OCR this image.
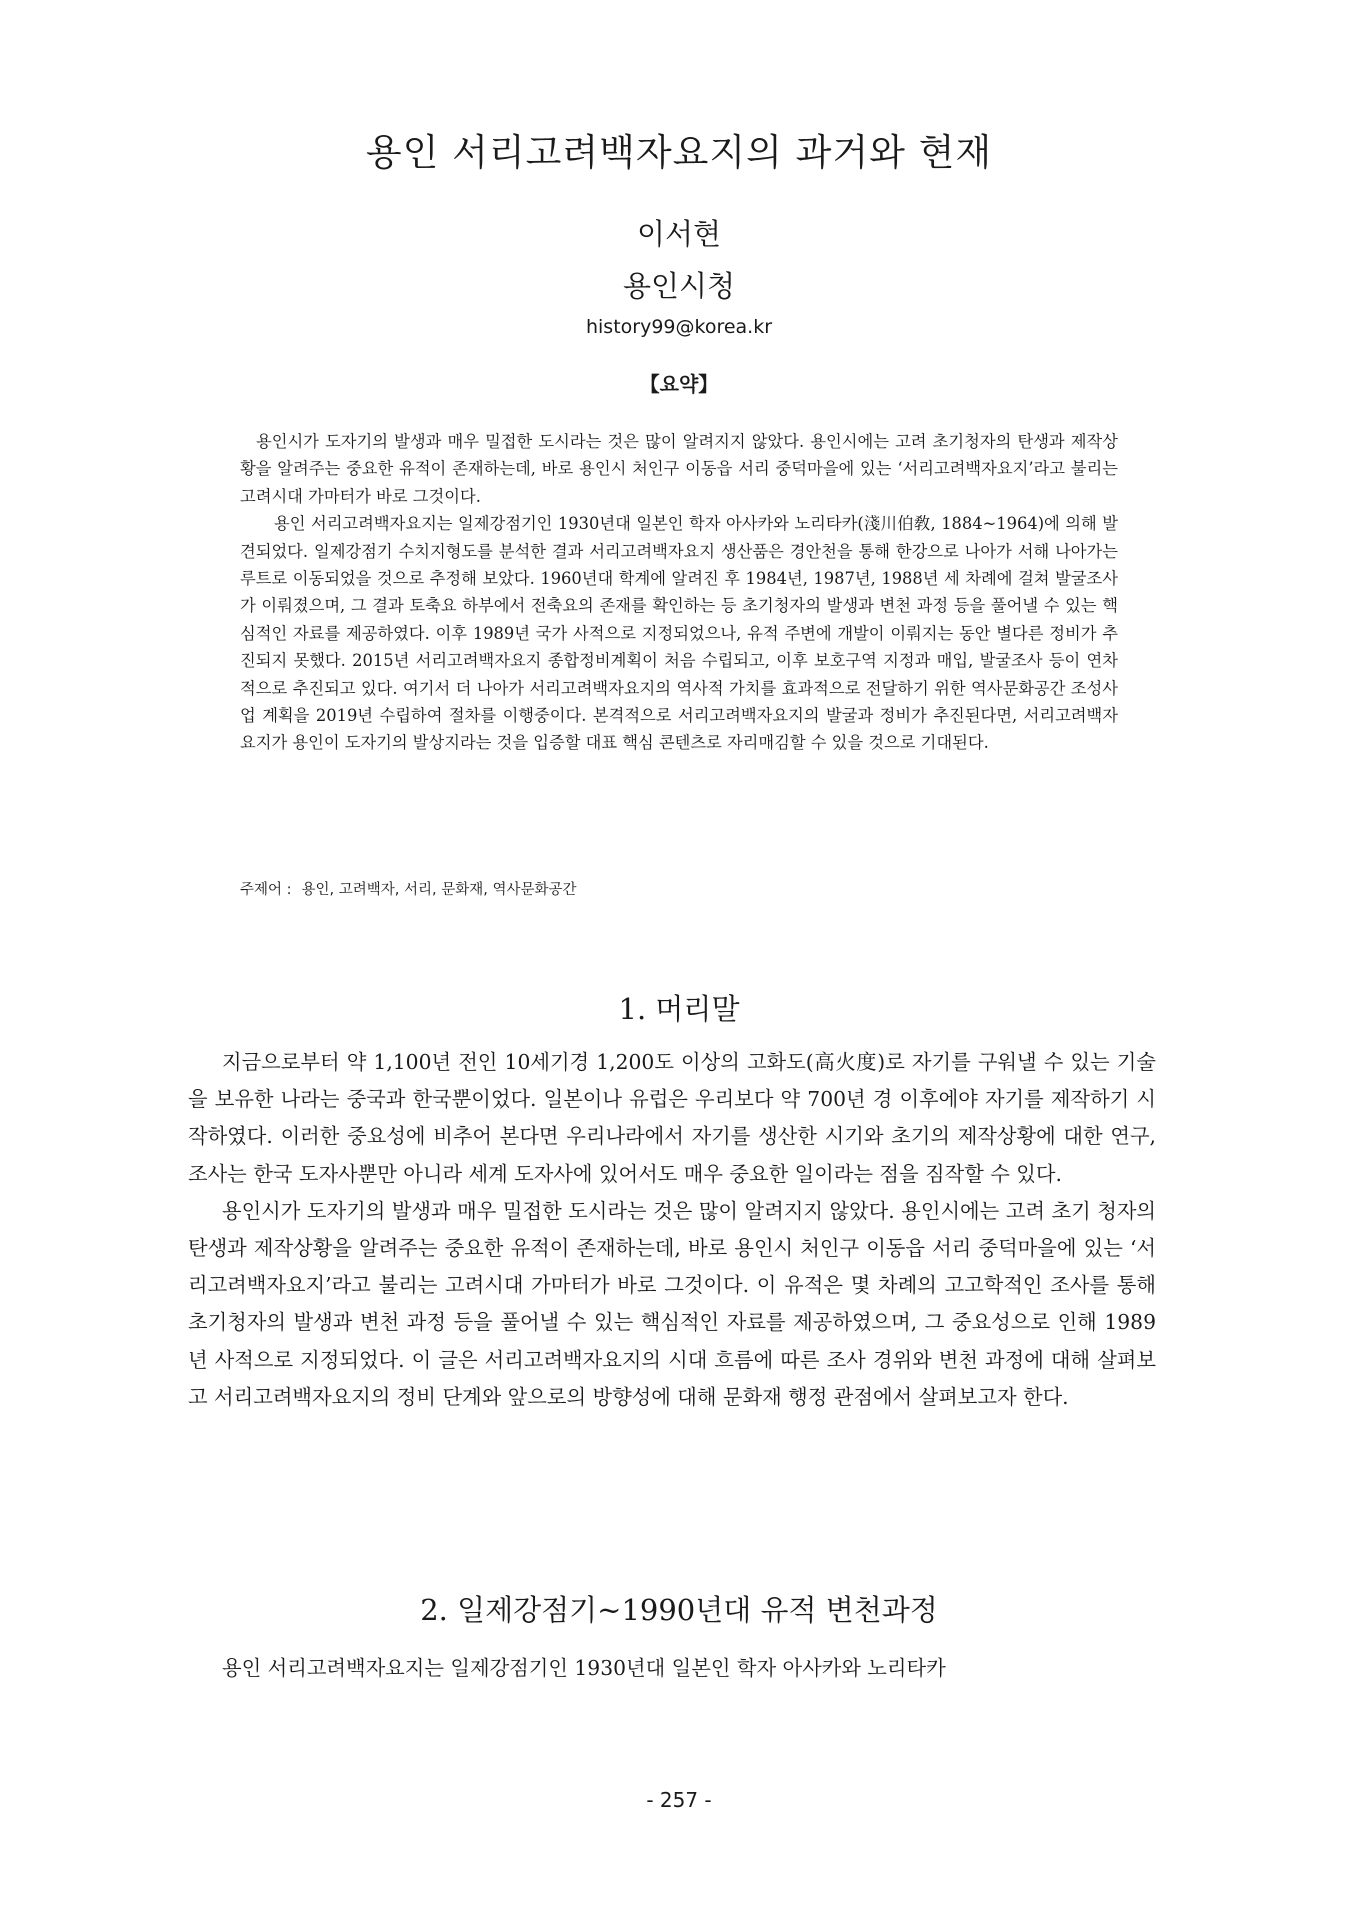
용인 서리고려백자요지의 과거와 현재
이서현
용인시청
history99@korea.kr
【요약】

용인시가 도자기의 발생과 매우 밀접한 도시라는 것은 많이 알려지지 않았다. 용인시에는 고려 초기청자의 탄생과 제작상황을 알려주는 중요한 유적이 존재하는데, 바로 용인시 처인구 이동읍 서리 중덕마을에 있는 ‘서리고려백자요지’라고 불리는 고려시대 가마터가 바로 그것이다.

용인 서리고려백자요지는 일제강점기인 1930년대 일본인 학자 아사카와 노리타카(淺川伯敎, 1884~1964)에 의해 발견되었다. 일제강점기 수치지형도를 분석한 결과 서리고려백자요지 생산품은 경안천을 통해 한강으로 나아가 서해 나아가는 루트로 이동되었을 것으로 추정해 보았다. 1960년대 학계에 알려진 후 1984년, 1987년, 1988년 세 차례에 걸쳐 발굴조사가 이뤄졌으며, 그 결과 토축요 하부에서 전축요의 존재를 확인하는 등 초기청자의 발생과 변천 과정 등을 풀어낼 수 있는 핵심적인 자료를 제공하였다. 이후 1989년 국가 사적으로 지정되었으나, 유적 주변에 개발이 이뤄지는 동안 별다른 정비가 추진되지 못했다. 2015년 서리고려백자요지 종합정비계획이 처음 수립되고, 이후 보호구역 지정과 매입, 발굴조사 등이 연차적으로 추진되고 있다. 여기서 더 나아가 서리고려백자요지의 역사적 가치를 효과적으로 전달하기 위한 역사문화공간 조성사업 계획을 2019년 수립하여 절차를 이행중이다. 본격적으로 서리고려백자요지의 발굴과 정비가 추진된다면, 서리고려백자요지가 용인이 도자기의 발상지라는 것을 입증할 대표 핵심 콘텐츠로 자리매김할 수 있을 것으로 기대된다.

주제어 : 용인, 고려백자, 서리, 문화재, 역사문화공간
1. 머리말

지금으로부터 약 1,100년 전인 10세기경 1,200도 이상의 고화도(高火度)로 자기를 구워낼 수 있는 기술을 보유한 나라는 중국과 한국뿐이었다. 일본이나 유럽은 우리보다 약 700년 경 이후에야 자기를 제작하기 시작하였다. 이러한 중요성에 비추어 본다면 우리나라에서 자기를 생산한 시기와 초기의 제작상황에 대한 연구, 조사는 한국 도자사뿐만 아니라 세계 도자사에 있어서도 매우 중요한 일이라는 점을 짐작할 수 있다.

용인시가 도자기의 발생과 매우 밀접한 도시라는 것은 많이 알려지지 않았다. 용인시에는 고려 초기 청자의 탄생과 제작상황을 알려주는 중요한 유적이 존재하는데, 바로 용인시 처인구 이동읍 서리 중덕마을에 있는 ‘서리고려백자요지’라고 불리는 고려시대 가마터가 바로 그것이다. 이 유적은 몇 차례의 고고학적인 조사를 통해 초기청자의 발생과 변천 과정 등을 풀어낼 수 있는 핵심적인 자료를 제공하였으며, 그 중요성으로 인해 1989년 사적으로 지정되었다. 이 글은 서리고려백자요지의 시대 흐름에 따른 조사 경위와 변천 과정에 대해 살펴보고 서리고려백자요지의 정비 단계와 앞으로의 방향성에 대해 문화재 행정 관점에서 살펴보고자 한다.

2. 일제강점기~1990년대 유적 변천과정

용인 서리고려백자요지는 일제강점기인 1930년대 일본인 학자 아사카와 노리타카

- 257 -
